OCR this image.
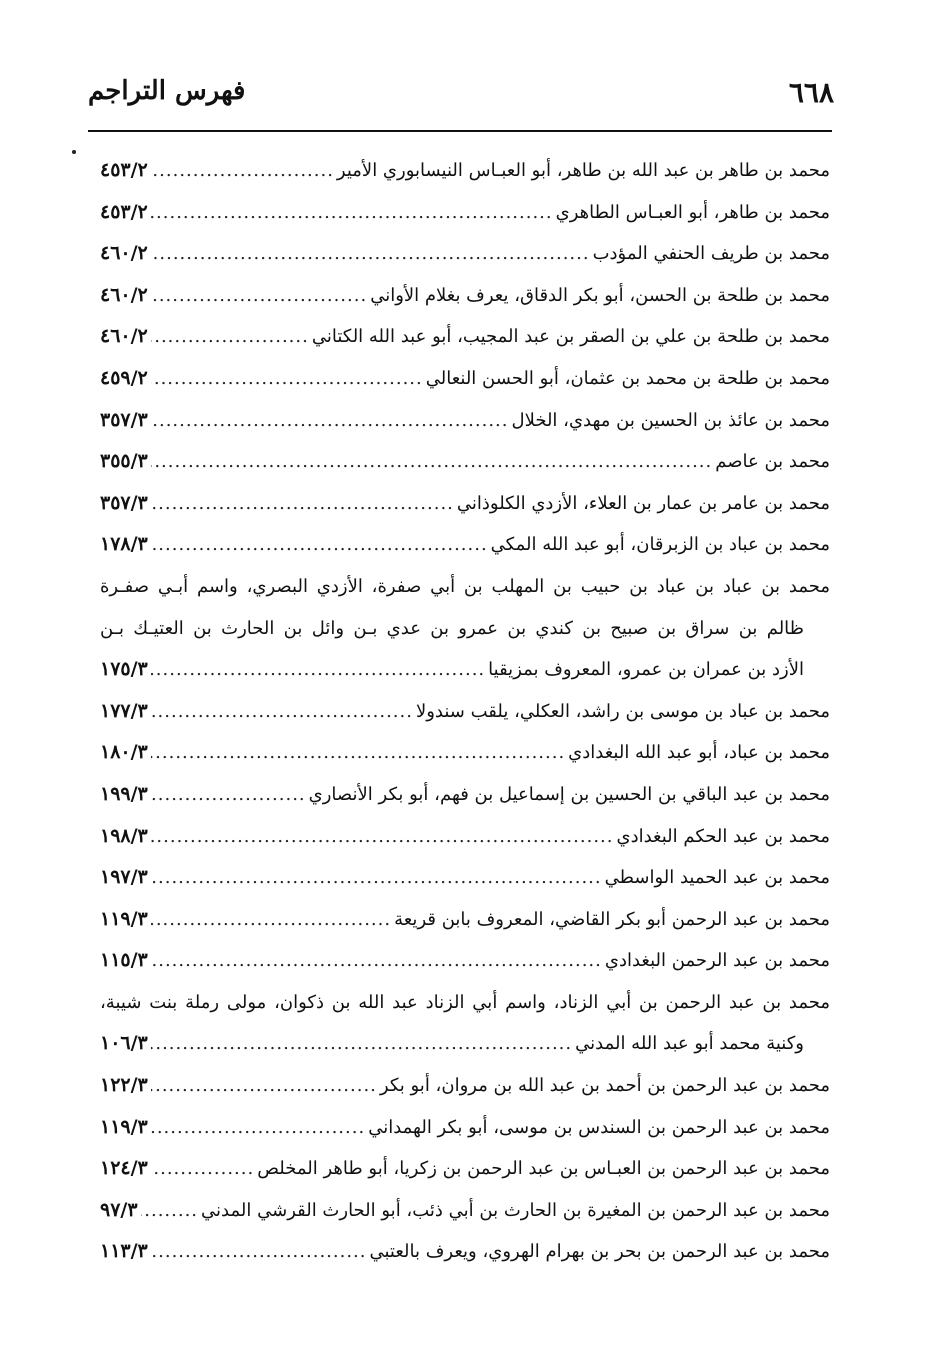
٦٦٨
فهرس التراجم
محمد بن طاهر بن عبد الله بن طاهر، أبو العبـاس النيسابوري الأمير
.....
٤٥٣/٢
محمد بن طاهر، أبو العبـاس الطاهري
.....
٤٥٣/٢
محمد بن طريف الحنفي المؤدب
.....
٤٦٠/٢
محمد بن طلحة بن الحسن، أبو بكر الدقاق، يعرف بغلام الأواني
.....
٤٦٠/٢
محمد بن طلحة بن علي بن الصقر بن عبد المجيب، أبو عبد الله الكتاني
.....
٤٦٠/٢
محمد بن طلحة بن محمد بن عثمان، أبو الحسن النعالي
.....
٤٥٩/٢
محمد بن عائذ بن الحسين بن مهدي، الخلال
.....
٣٥٧/٣
محمد بن عاصم
.....
٣٥٥/٣
محمد بن عامر بن عمار بن العلاء، الأزدي الكلوذاني
.....
٣٥٧/٣
محمد بن عباد بن الزبرقان، أبو عبد الله المكي
.....
١٧٨/٣
محمد بن عباد بن عباد بن حبيب بن المهلب بن أبي صفرة، الأزدي البصري، واسم أبـي صفـرة
ظالم بن سراق بن صبيح بن كندي بن عمرو بن عدي بـن وائل بن الحارث بن العتيـك بـن
الأزد بن عمران بن عمرو، المعروف بمزيقيا
.....
١٧٥/٣
محمد بن عباد بن موسى بن راشد، العكلي، يلقب سندولا
.....
١٧٧/٣
محمد بن عباد، أبو عبد الله البغدادي
.....
١٨٠/٣
محمد بن عبد الباقي بن الحسين بن إسماعيل بن فهم، أبو بكر الأنصاري
.....
١٩٩/٣
محمد بن عبد الحكم البغدادي
.....
١٩٨/٣
محمد بن عبد الحميد الواسطي
.....
١٩٧/٣
محمد بن عبد الرحمن أبو بكر القاضي، المعروف بابن قريعة
.....
١١٩/٣
محمد بن عبد الرحمن البغدادي
.....
١١٥/٣
محمد بن عبد الرحمن بن أبي الزناد، واسم أبي الزناد عبد الله بن ذكوان، مولى رملة بنت شيبة،
وكنية محمد أبو عبد الله المدني
.....
١٠٦/٣
محمد بن عبد الرحمن بن أحمد بن عبد الله بن مروان، أبو بكر
.....
١٢٢/٣
محمد بن عبد الرحمن بن السندس بن موسى، أبو بكر الهمداني
.....
١١٩/٣
محمد بن عبد الرحمن بن العبـاس بن عبد الرحمن بن زكريا، أبو طاهر المخلص
.....
١٢٤/٣
محمد بن عبد الرحمن بن المغيرة بن الحارث بن أبي ذئب، أبو الحارث القرشي المدني
.....
٩٧/٣
محمد بن عبد الرحمن بن بحر بن بهرام الهروي، ويعرف بالعتبي
.....
١١٣/٣
